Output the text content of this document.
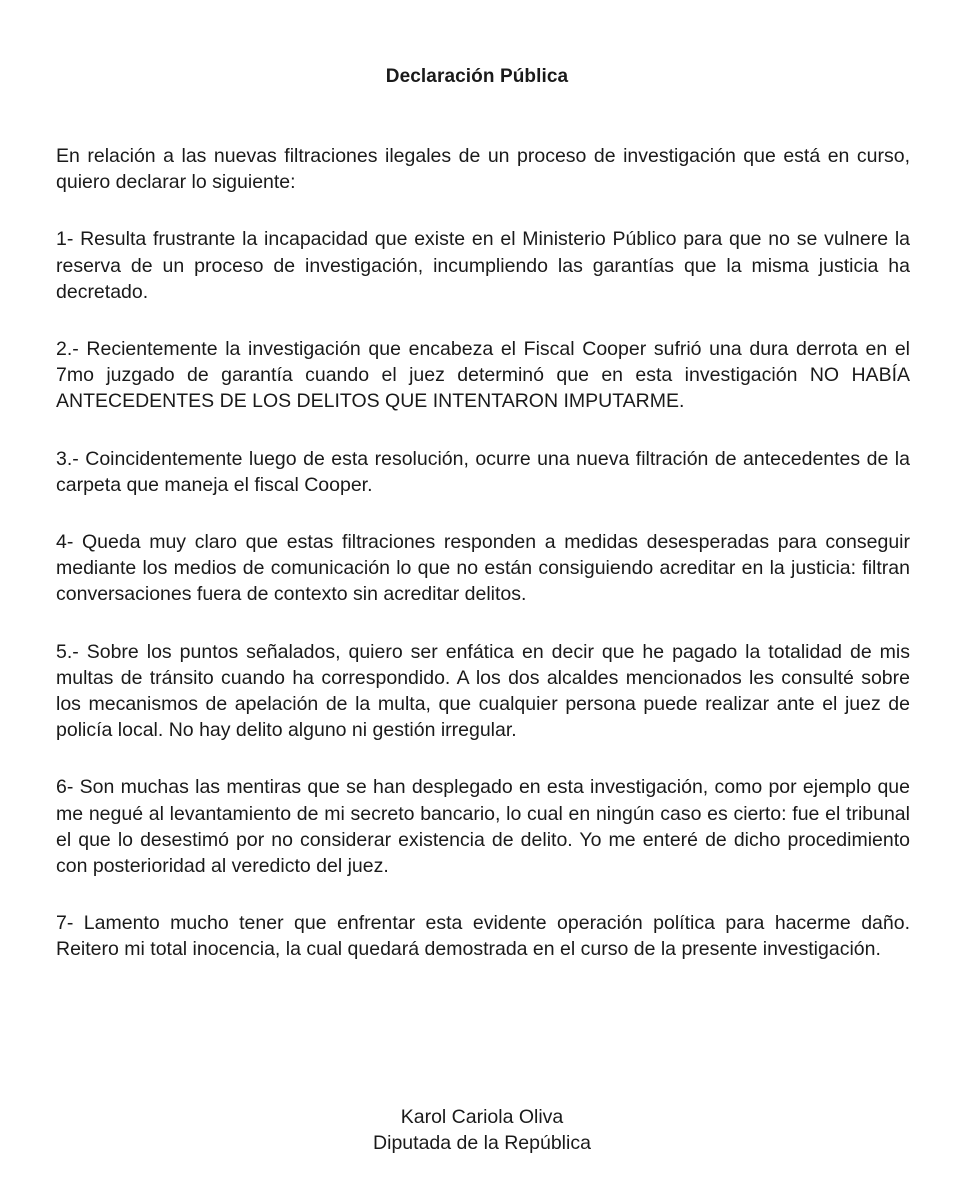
Declaración Pública

En relación a las nuevas filtraciones ilegales de un proceso de investigación que está en curso, quiero declarar lo siguiente:

1- Resulta frustrante la incapacidad que existe en el Ministerio Público para que no se vulnere la reserva de un proceso de investigación, incumpliendo las garantías que la misma justicia ha decretado.

2.- Recientemente la investigación que encabeza el Fiscal Cooper sufrió una dura derrota en el 7mo juzgado de garantía cuando el juez determinó que en esta investigación NO HABÍA ANTECEDENTES DE LOS DELITOS QUE INTENTARON IMPUTARME.

3.- Coincidentemente luego de esta resolución, ocurre una nueva filtración de antecedentes de la carpeta que maneja el fiscal Cooper.

4- Queda muy claro que estas filtraciones responden a medidas desesperadas para conseguir mediante los medios de comunicación lo que no están consiguiendo acreditar en la justicia: filtran conversaciones fuera de contexto sin acreditar delitos.

5.- Sobre los puntos señalados, quiero ser enfática en decir que he pagado la totalidad de mis multas de tránsito cuando ha correspondido. A los dos alcaldes mencionados les consulté sobre los mecanismos de apelación de la multa, que cualquier persona puede realizar ante el juez de policía local. No hay delito alguno ni gestión irregular.

6- Son muchas las mentiras que se han desplegado en esta investigación, como por ejemplo que me negué al levantamiento de mi secreto bancario, lo cual en ningún caso es cierto: fue el tribunal el que lo desestimó por no considerar existencia de delito. Yo me enteré de dicho procedimiento con posterioridad al veredicto del juez.

7- Lamento mucho tener que enfrentar esta evidente operación política para hacerme daño. Reitero mi total inocencia, la cual quedará demostrada en el curso de la presente investigación.

Karol Cariola Oliva
Diputada de la República
